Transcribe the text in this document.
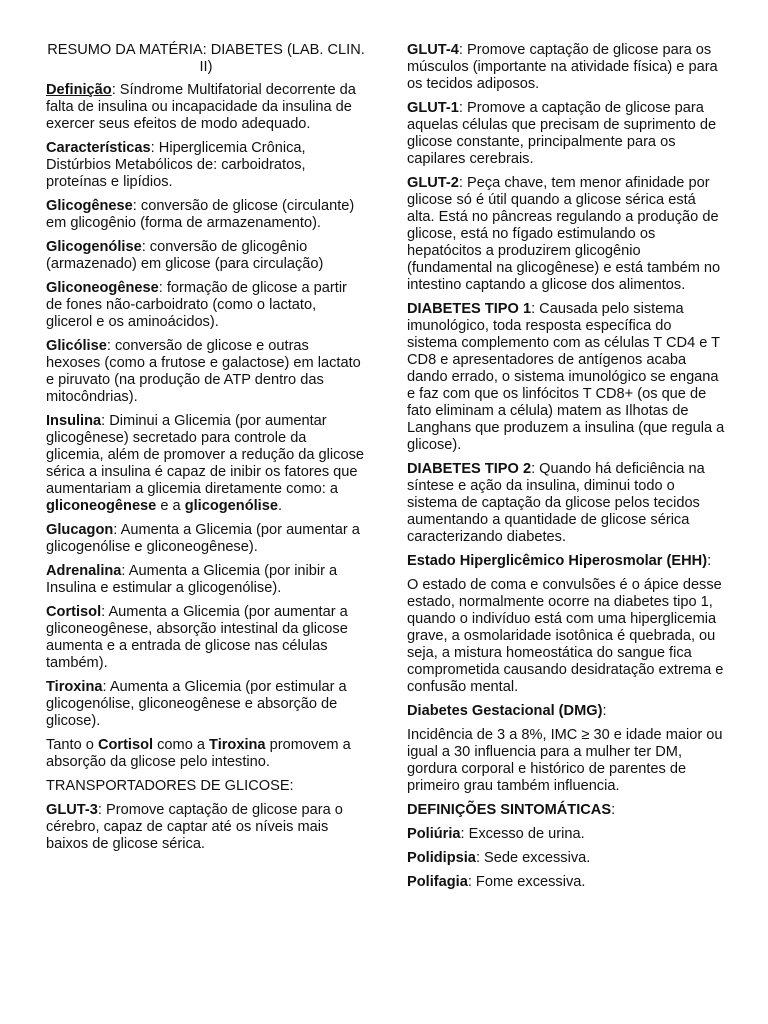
RESUMO DA MATÉRIA: DIABETES (LAB. CLIN. II)

Definição: Síndrome Multifatorial decorrente da falta de insulina ou incapacidade da insulina de exercer seus efeitos de modo adequado.

Características: Hiperglicemia Crônica, Distúrbios Metabólicos de: carboidratos, proteínas e lipídios.

Glicogênese: conversão de glicose (circulante) em glicogênio (forma de armazenamento).

Glicogenólise: conversão de glicogênio (armazenado) em glicose (para circulação)

Gliconeogênese: formação de glicose a partir de fones não-carboidrato (como o lactato, glicerol e os aminoácidos).

Glicólise: conversão de glicose e outras hexoses (como a frutose e galactose) em lactato e piruvato (na produção de ATP dentro das mitocôndrias).

Insulina: Diminui a Glicemia (por aumentar glicogênese) secretado para controle da glicemia, além de promover a redução da glicose sérica a insulina é capaz de inibir os fatores que aumentariam a glicemia diretamente como: a gliconeogênese e a glicogenólise.

Glucagon: Aumenta a Glicemia (por aumentar a glicogenólise e gliconeogênese).

Adrenalina: Aumenta a Glicemia (por inibir a Insulina e estimular a glicogenólise).

Cortisol: Aumenta a Glicemia (por aumentar a gliconeogênese, absorção intestinal da glicose aumenta e a entrada de glicose nas células também).

Tiroxina: Aumenta a Glicemia (por estimular a glicogenólise, gliconeogênese e absorção de glicose).

Tanto o Cortisol como a Tiroxina promovem a absorção da glicose pelo intestino.

TRANSPORTADORES DE GLICOSE:

GLUT-3: Promove captação de glicose para o cérebro, capaz de captar até os níveis mais baixos de glicose sérica.

GLUT-4: Promove captação de glicose para os músculos (importante na atividade física) e para os tecidos adiposos.

GLUT-1: Promove a captação de glicose para aquelas células que precisam de suprimento de glicose constante, principalmente para os capilares cerebrais.

GLUT-2: Peça chave, tem menor afinidade por glicose só é útil quando a glicose sérica está alta. Está no pâncreas regulando a produção de glicose, está no fígado estimulando os hepatócitos a produzirem glicogênio (fundamental na glicogênese) e está também no intestino captando a glicose dos alimentos.

DIABETES TIPO 1: Causada pelo sistema imunológico, toda resposta específica do sistema complemento com as células T CD4 e T CD8 e apresentadores de antígenos acaba dando errado, o sistema imunológico se engana e faz com que os linfócitos T CD8+ (os que de fato eliminam a célula) matem as Ilhotas de Langhans que produzem a insulina (que regula a glicose).

DIABETES TIPO 2: Quando há deficiência na síntese e ação da insulina, diminui todo o sistema de captação da glicose pelos tecidos aumentando a quantidade de glicose sérica caracterizando diabetes.

Estado Hiperglicêmico Hiperosmolar (EHH):

O estado de coma e convulsões é o ápice desse estado, normalmente ocorre na diabetes tipo 1, quando o indivíduo está com uma hiperglicemia grave, a osmolaridade isotônica é quebrada, ou seja, a mistura homeostática do sangue fica comprometida causando desidratação extrema e confusão mental.

Diabetes Gestacional (DMG):

Incidência de 3 a 8%, IMC ≥ 30 e idade maior ou igual a 30 influencia para a mulher ter DM, gordura corporal e histórico de parentes de primeiro grau também influencia.

DEFINIÇÕES SINTOMÁTICAS:

Poliúria: Excesso de urina.

Polidipsia: Sede excessiva.

Polifagia: Fome excessiva.
